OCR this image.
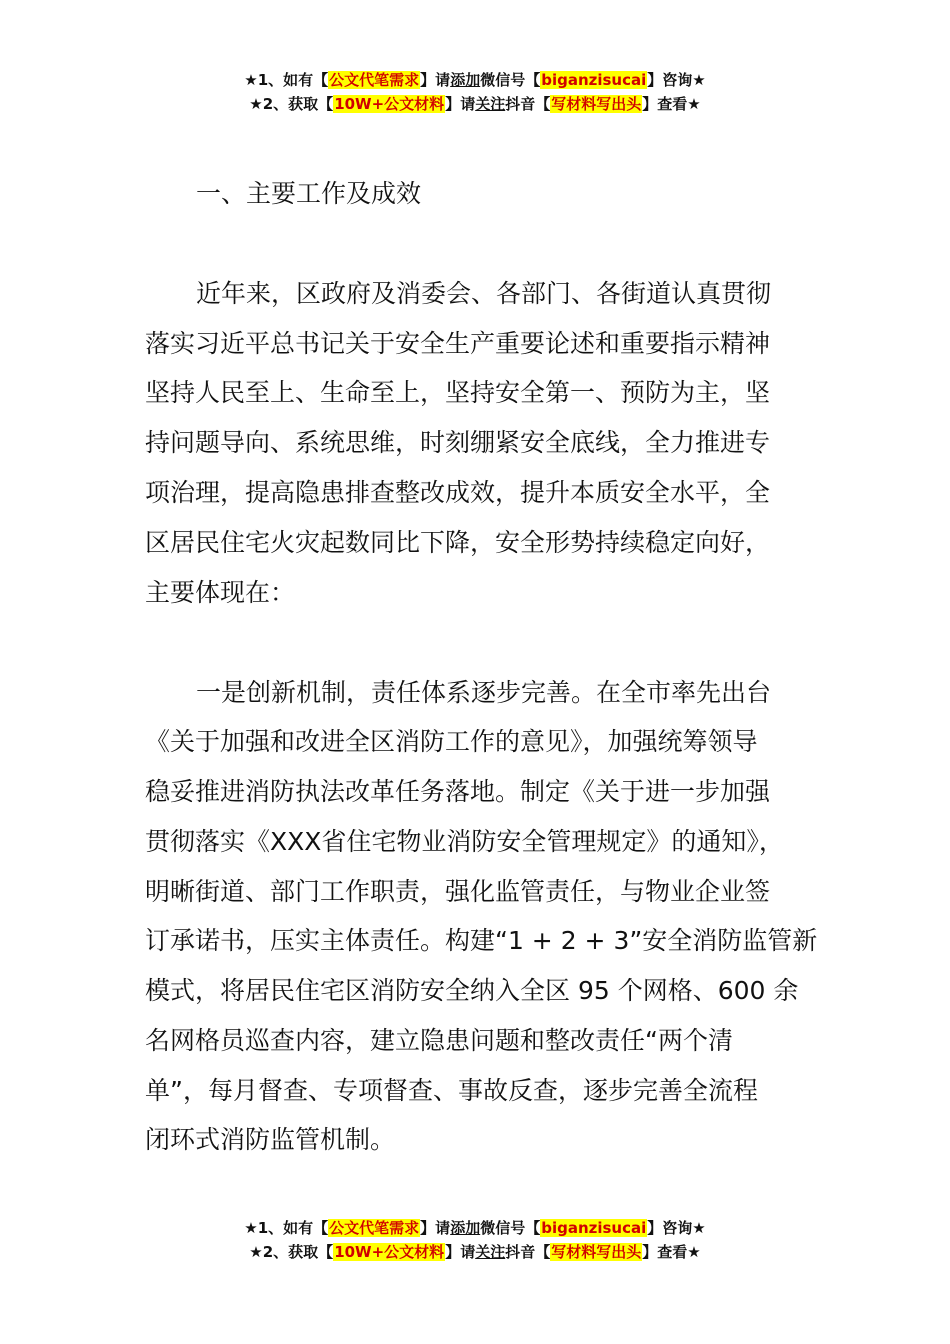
★1、如有【公文代笔需求】请添加微信号【biganzisucai】咨询★
★2、获取【10W+公文材料】请关注抖音【写材料写出头】查看★
一、主要工作及成效
近年来，区政府及消委会、各部门、各街道认真贯彻
落实习近平总书记关于安全生产重要论述和重要指示精神
坚持人民至上、生命至上，坚持安全第一、预防为主，坚
持问题导向、系统思维，时刻绷紧安全底线，全力推进专
项治理，提高隐患排查整改成效，提升本质安全水平，全
区居民住宅火灾起数同比下降，安全形势持续稳定向好，
主要体现在：
一是创新机制，责任体系逐步完善。在全市率先出台
《关于加强和改进全区消防工作的意见》，加强统筹领导
稳妥推进消防执法改革任务落地。制定《关于进一步加强
贯彻落实《XXX省住宅物业消防安全管理规定》的通知》，
明晰街道、部门工作职责，强化监管责任，与物业企业签
订承诺书，压实主体责任。构建“1 + 2 + 3”安全消防监管新
模式，将居民住宅区消防安全纳入全区 95 个网格、600 余
名网格员巡查内容，建立隐患问题和整改责任“两个清
单”，每月督查、专项督查、事故反查，逐步完善全流程
闭环式消防监管机制。
★1、如有【公文代笔需求】请添加微信号【biganzisucai】咨询★
★2、获取【10W+公文材料】请关注抖音【写材料写出头】查看★
